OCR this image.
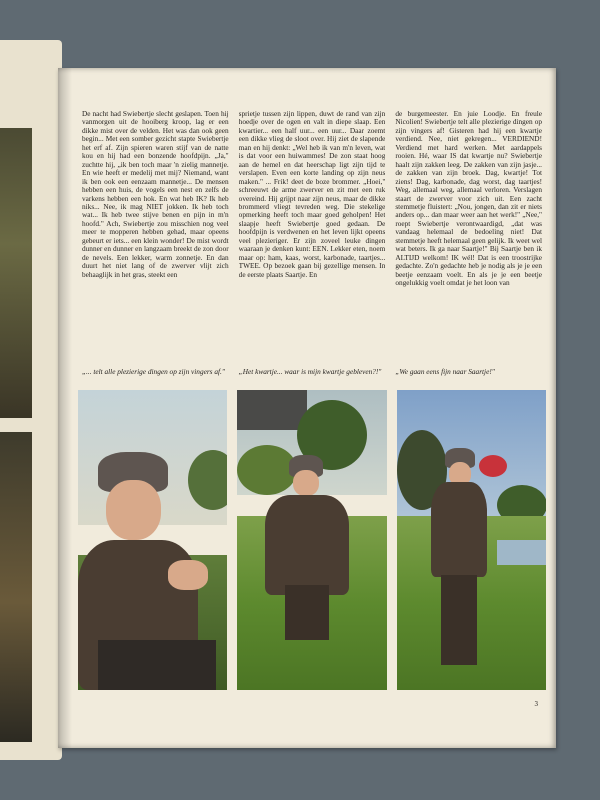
De nacht had Swiebertje slecht geslapen. Toen hij vanmorgen uit de hooiberg kroop, lag er een dikke mist over de velden. Het was dan ook geen begin... Met een somber gezicht stapte Swiebertje het erf af. Zijn spieren waren stijf van de natte kou en hij had een bonzende hoofdpijn. „Ja," zuchtte hij, „ik ben toch maar 'n zielig mannetje. En wie heeft er medelij met mij? Niemand, want ik ben ook een eenzaam mannetje... De mensen hebben een huis, de vogels een nest en zelfs de varkens hebben een hok. En wat heb IK? Ik heb niks... Nee, ik mag NIET jokken. Ik heb toch wat... Ik heb twee stijve benen en pijn in m'n hoofd." Ach, Swiebertje zou misschien nog veel meer te mopperen hebben gehad, maar opeens gebeurt er iets... een klein wonder! De mist wordt dunner en dunner en langzaam breekt de zon door de nevels. Een lekker, warm zonnetje. En dan duurt het niet lang of de zwerver vlijt zich behaaglijk in het gras, steekt een
sprietje tussen zijn lippen, duwt de rand van zijn hoedje over de ogen en valt in diepe slaap. Een kwartier... een half uur... een uur... Daar zoemt een dikke vlieg de sloot over. Hij ziet de slapende man en hij denkt: „Wel heb ik van m'n leven, wat is dat voor een huiwammes! De zon staat hoog aan de hemel en dat heerschap ligt zijn tijd te verslapen. Even een korte landing op zijn neus maken." ... Frik! deet de boze brommer. „Hoei," schreeuwt de arme zwerver en zit met een ruk overeind. Hij grijpt naar zijn neus, maar de dikke brommerd vliegt tevreden weg. Die stekelige opmerking heeft toch maar goed geholpen! Het slaapje heeft Swiebertje goed gedaan. De hoofdpijn is verdwenen en het leven lijkt opeens veel plezieriger. Er zijn zoveel leuke dingen waaraan je denken kunt: EEN. Lekker eten, noem maar op: ham, kaas, worst, karbonade, taartjes... TWEE. Op bezoek gaan bij gezellige mensen. In de eerste plaats Saartje. En
de burgemeester. En juie Loodje. En freule Nicolien! Swiebertje telt alle plezierige dingen op zijn vingers af! Gisteren had hij een kwartje verdiend. Nee, niet gekregen... VERDIEND! Verdiend met hard werken. Met aardappels rooien. Hé, waar IS dat kwartje nu? Swiebertje haalt zijn zakken leeg. De zakken van zijn jasje... de zakken van zijn broek. Dag, kwartje! Tot ziens! Dag, karbonade, dag worst, dag taartjes! Weg, allemaal weg, allemaal verloren. Verslagen staart de zwerver voor zich uit. Een zacht stemmetje fluistert: „Nou, jongen, dan zit er niets anders op... dan maar weer aan het werk!" „Nee," roept Swiebertje verontwaardigd, „dat was vandaag helemaal de bedoeling niet! Dat stemmetje heeft helemaal geen gelijk. Ik weet wel wat beters. Ik ga naar Saartje!" Bij Saartje ben ik ALTIJD welkom! IK wél! Dat is een troostrijke gedachte. Zo'n gedachte heb je nodig als je je een beetje eenzaam voelt. En als je je een beetje ongelukkig voelt omdat je het loon van
„... telt alle plezierige dingen op zijn vingers af."	„Het kwartje... waar is mijn kwartje gebleven?!"	„We gaan eens fijn naar Saartje!"
3
